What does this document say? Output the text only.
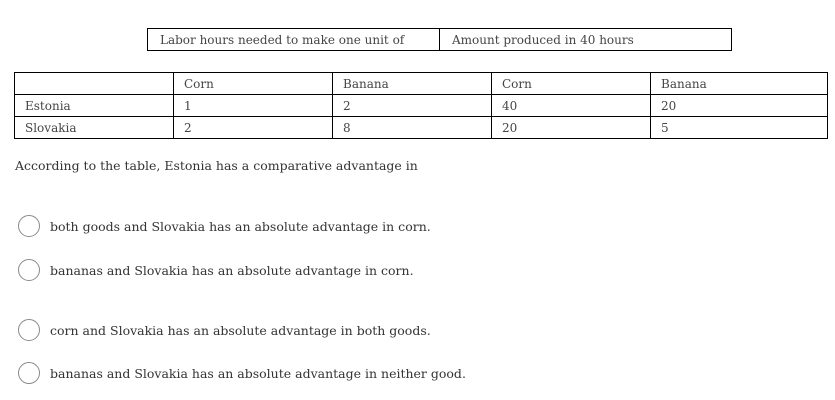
Labor hours needed to make one unit of	Amount produced in 40 hours
	Corn	Banana	Corn	Banana
Estonia	1	2	40	20
Slovakia	2	8	20	5
According to the table, Estonia has a comparative advantage in
both goods and Slovakia has an absolute advantage in corn.
bananas and Slovakia has an absolute advantage in corn.
corn and Slovakia has an absolute advantage in both goods.
bananas and Slovakia has an absolute advantage in neither good.
